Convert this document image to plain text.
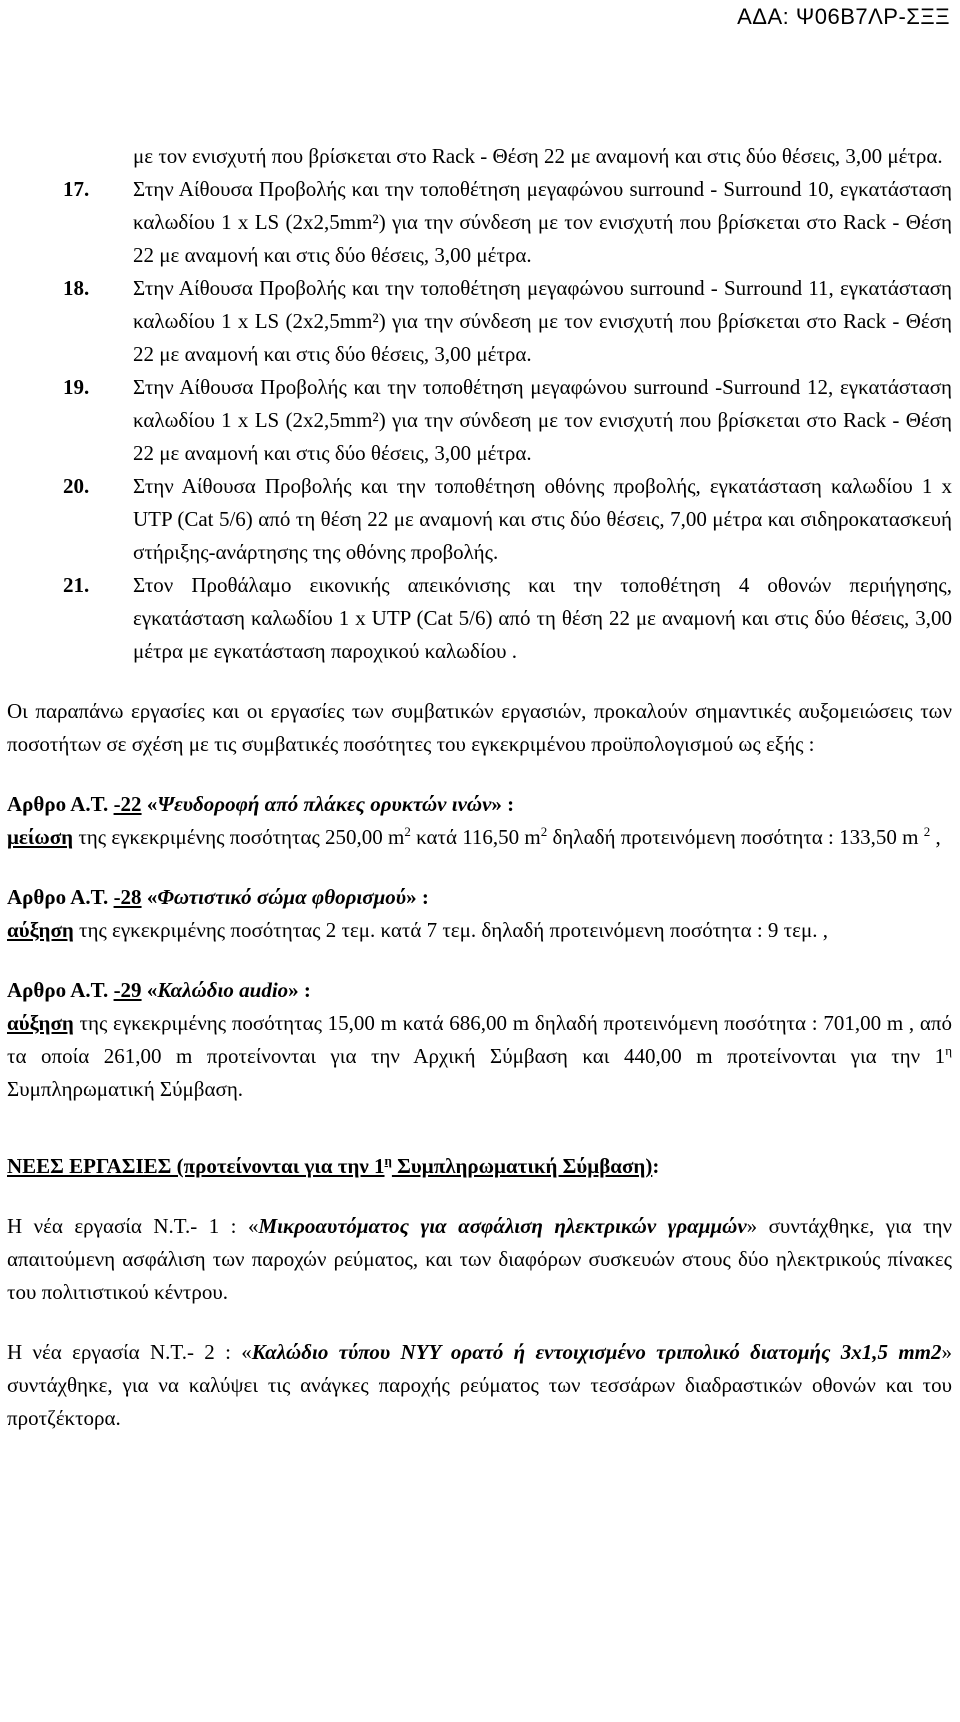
ΑΔΑ: Ψ06Β7ΛΡ-ΣΞΞ
με τον ενισχυτή που βρίσκεται στο Rack - Θέση 22 με αναμονή και στις δύο θέσεις, 3,00 μέτρα.
17. Στην Αίθουσα Προβολής και την τοποθέτηση μεγαφώνου surround - Surround 10, εγκατάσταση καλωδίου 1 x LS (2x2,5mm²) για την σύνδεση με τον ενισχυτή που βρίσκεται στο Rack - Θέση 22 με αναμονή και στις δύο θέσεις, 3,00 μέτρα.
18. Στην Αίθουσα Προβολής και την τοποθέτηση μεγαφώνου surround - Surround 11, εγκατάσταση καλωδίου 1 x LS (2x2,5mm²) για την σύνδεση με τον ενισχυτή που βρίσκεται στο Rack - Θέση 22 με αναμονή και στις δύο θέσεις, 3,00 μέτρα.
19. Στην Αίθουσα Προβολής και την τοποθέτηση μεγαφώνου surround -Surround 12, εγκατάσταση καλωδίου 1 x LS (2x2,5mm²) για την σύνδεση με τον ενισχυτή που βρίσκεται στο Rack - Θέση 22 με αναμονή και στις δύο θέσεις, 3,00 μέτρα.
20. Στην Αίθουσα Προβολής και την τοποθέτηση οθόνης προβολής, εγκατάσταση καλωδίου 1 x UTP (Cat 5/6) από τη θέση 22 με αναμονή και στις δύο θέσεις, 7,00 μέτρα και σιδηροκατασκευή στήριξης-ανάρτησης της οθόνης προβολής.
21. Στον Προθάλαμο εικονικής απεικόνισης και την τοποθέτηση 4 οθονών περιήγησης, εγκατάσταση καλωδίου 1 x UTP (Cat 5/6) από τη θέση 22 με αναμονή και στις δύο θέσεις, 3,00 μέτρα με εγκατάσταση παροχικού καλωδίου .
Οι παραπάνω εργασίες και οι εργασίες των συμβατικών εργασιών, προκαλούν σημαντικές αυξομειώσεις των ποσοτήτων σε σχέση με τις συμβατικές ποσότητες του εγκεκριμένου προϋπολογισμού ως εξής :
Αρθρο Α.Τ. -22 «Ψευδοροφή από πλάκες ορυκτών ινών» :
μείωση της εγκεκριμένης ποσότητας 250,00 $m^2$ κατά 116,50 $m^2$ δηλαδή προτεινόμενη ποσότητα : 133,50 m $^2$ ,
Αρθρο Α.Τ. -28 «Φωτιστικό σώμα φθορισμού» :
αύξηση της εγκεκριμένης ποσότητας 2 τεμ. κατά 7 τεμ. δηλαδή προτεινόμενη ποσότητα : 9 τεμ. ,
Αρθρο Α.Τ. -29 «Καλώδιο audio» :
αύξηση της εγκεκριμένης ποσότητας 15,00 m κατά 686,00 m δηλαδή προτεινόμενη ποσότητα : 701,00 m , από τα οποία 261,00 m προτείνονται για την Αρχική Σύμβαση και 440,00 m προτείνονται για την $1^\eta$ Συμπληρωματική Σύμβαση.
ΝΕΕΣ ΕΡΓΑΣΙΕΣ (προτείνονται για την $1^\eta$ Συμπληρωματική Σύμβαση):
Η νέα εργασία Ν.Τ.- 1 : «Μικροαυτόματος για ασφάλιση ηλεκτρικών γραμμών» συντάχθηκε, για την απαιτούμενη ασφάλιση των παροχών ρεύματος, και των διαφόρων συσκευών στους δύο ηλεκτρικούς πίνακες του πολιτιστικού κέντρου.
Η νέα εργασία Ν.Τ.- 2 : «Καλώδιο τύπου NYY ορατό ή εντοιχισμένο τριπολικό διατομής 3x1,5 mm2» συντάχθηκε, για να καλύψει τις ανάγκες παροχής ρεύματος των τεσσάρων διαδραστικών οθονών και του προτζέκτορα.
